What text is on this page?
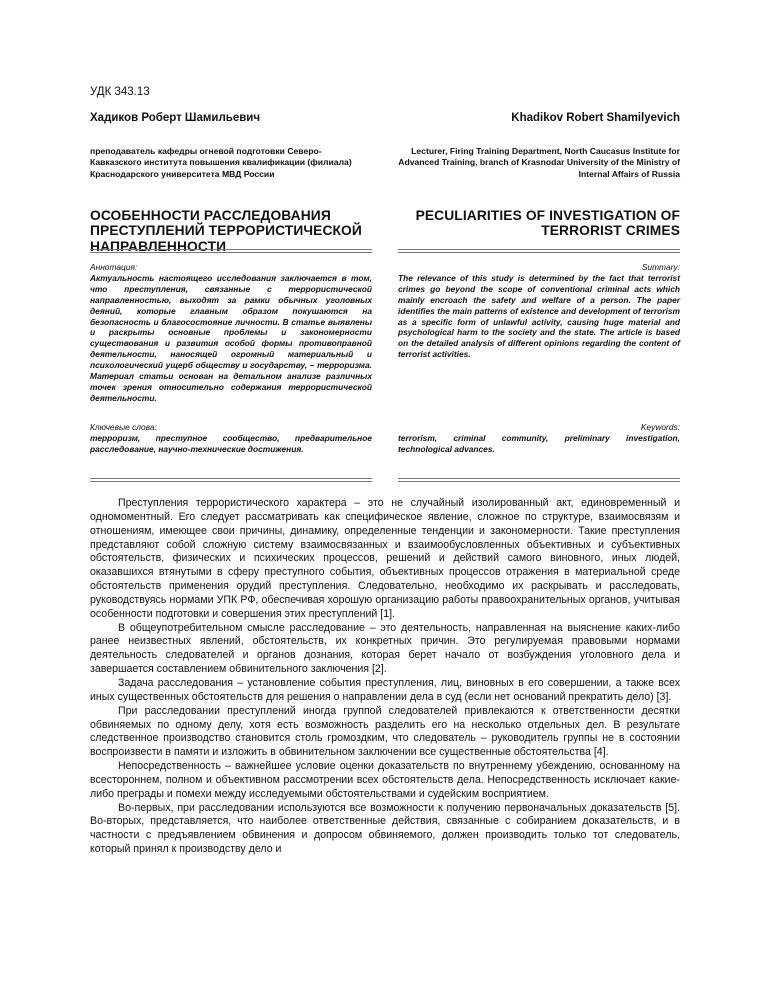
УДК 343.13

Хадиков Роберт Шамильевич

преподаватель кафедры огневой подготовки Северо-Кавказского института повышения квалификации (филиала) Краснодарского университета МВД России

ОСОБЕННОСТИ РАССЛЕДОВАНИЯ ПРЕСТУПЛЕНИЙ ТЕРРОРИСТИЧЕСКОЙ НАПРАВЛЕННОСТИ

Khadikov Robert Shamilyevich

Lecturer, Firing Training Department, North Caucasus Institute for Advanced Training, branch of Krasnodar University of the Ministry of Internal Affairs of Russia

PECULIARITIES OF INVESTIGATION OF TERRORIST CRIMES

Аннотация:
Актуальность настоящего исследования заключается в том, что преступления, связанные с террористической направленностью, выходят за рамки обычных уголовных деяний, которые главным образом покушаются на безопасность и благосостояние личности. В статье выявлены и раскрыты основные проблемы и закономерности существования и развития особой формы противоправной деятельности, наносящей огромный материальный и психологический ущерб обществу и государству, – терроризма. Материал статьи основан на детальном анализе различных точек зрения относительно содержания террористической деятельности.
Summary:
The relevance of this study is determined by the fact that terrorist crimes go beyond the scope of conventional criminal acts which mainly encroach the safety and welfare of a person. The paper identifies the main patterns of existence and development of terrorism as a specific form of unlawful activity, causing huge material and psychological harm to the society and the state. The article is based on the detailed analysis of different opinions regarding the content of terrorist activities.
Ключевые слова:
терроризм, преступное сообщество, предварительное расследование, научно-технические достижения.
Keywords:
terrorism, criminal community, preliminary investigation, technological advances.

Преступления террористического характера – это не случайный изолированный акт, единовременный и одномоментный. Его следует рассматривать как специфическое явление, сложное по структуре, взаимосвязям и отношениям, имеющее свои причины, динамику, определенные тенденции и закономерности. Такие преступления представляют собой сложную систему взаимосвязанных и взаимообусловленных объективных и субъективных обстоятельств, физических и психических процессов, решений и действий самого виновного, иных людей, оказавшихся втянутыми в сферу преступного события, объективных процессов отражения в материальной среде обстоятельств применения орудий преступления. Следовательно, необходимо их раскрывать и расследовать, руководствуясь нормами УПК РФ, обеспечивая хорошую организацию работы правоохранительных органов, учитывая особенности подготовки и совершения этих преступлений [1].

В общеупотребительном смысле расследование – это деятельность, направленная на выяснение каких-либо ранее неизвестных явлений, обстоятельств, их конкретных причин. Это регулируемая правовыми нормами деятельность следователей и органов дознания, которая берет начало от возбуждения уголовного дела и завершается составлением обвинительного заключения [2].

Задача расследования – установление события преступления, лиц, виновных в его совершении, а также всех иных существенных обстоятельств для решения о направлении дела в суд (если нет оснований прекратить дело) [3].

При расследовании преступлений иногда группой следователей привлекаются к ответственности десятки обвиняемых по одному делу, хотя есть возможность разделить его на несколько отдельных дел. В результате следственное производство становится столь громоздким, что следователь – руководитель группы не в состоянии воспроизвести в памяти и изложить в обвинительном заключении все существенные обстоятельства [4].

Непосредственность – важнейшее условие оценки доказательств по внутреннему убеждению, основанному на всестороннем, полном и объективном рассмотрении всех обстоятельств дела. Непосредственность исключает какие-либо преграды и помехи между исследуемыми обстоятельствами и судейским восприятием.

Во-первых, при расследовании используются все возможности к получению первоначальных доказательств [5]. Во-вторых, представляется, что наиболее ответственные действия, связанные с собиранием доказательств, и в частности с предъявлением обвинения и допросом обвиняемого, должен производить только тот следователь, который принял к производству дело и
